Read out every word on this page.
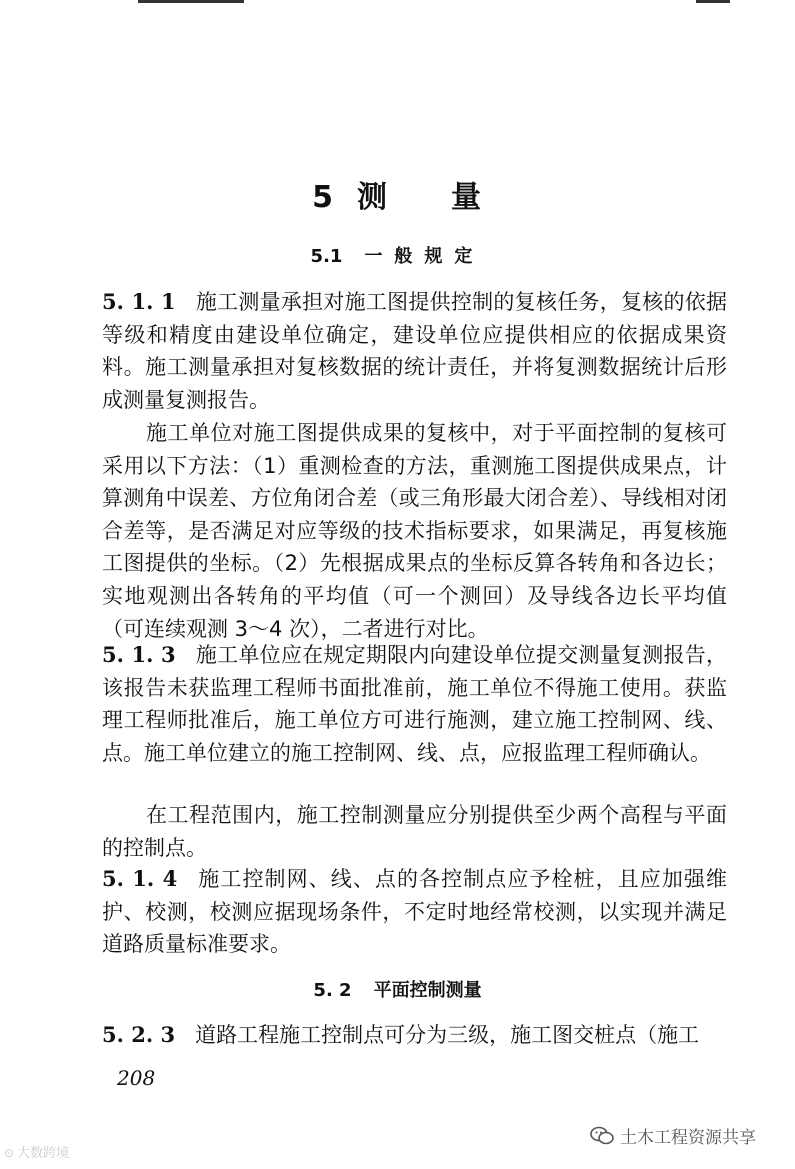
5 测 量
5.1 一般规定
5. 1. 1 施工测量承担对施工图提供控制的复核任务，复核的依据等级和精度由建设单位确定，建设单位应提供相应的依据成果资料。施工测量承担对复核数据的统计责任，并将复测数据统计后形成测量复测报告。
施工单位对施工图提供成果的复核中，对于平面控制的复核可采用以下方法：（1）重测检查的方法，重测施工图提供成果点，计算测角中误差、方位角闭合差（或三角形最大闭合差）、导线相对闭合差等，是否满足对应等级的技术指标要求，如果满足，再复核施工图提供的坐标。（2）先根据成果点的坐标反算各转角和各边长；实地观测出各转角的平均值（可一个测回）及导线各边长平均值（可连续观测 3～4 次），二者进行对比。
5. 1. 3 施工单位应在规定期限内向建设单位提交测量复测报告，该报告未获监理工程师书面批准前，施工单位不得施工使用。获监理工程师批准后，施工单位方可进行施测，建立施工控制网、线、点。施工单位建立的施工控制网、线、点，应报监理工程师确认。
在工程范围内，施工控制测量应分别提供至少两个高程与平面的控制点。
5. 1. 4 施工控制网、线、点的各控制点应予栓桩，且应加强维护、校测，校测应据现场条件，不定时地经常校测，以实现并满足道路质量标准要求。
5. 2 平面控制测量
5. 2. 3 道路工程施工控制点可分为三级，施工图交桩点（施工
208
⊙ 大数跨境
土木工程资源共享
